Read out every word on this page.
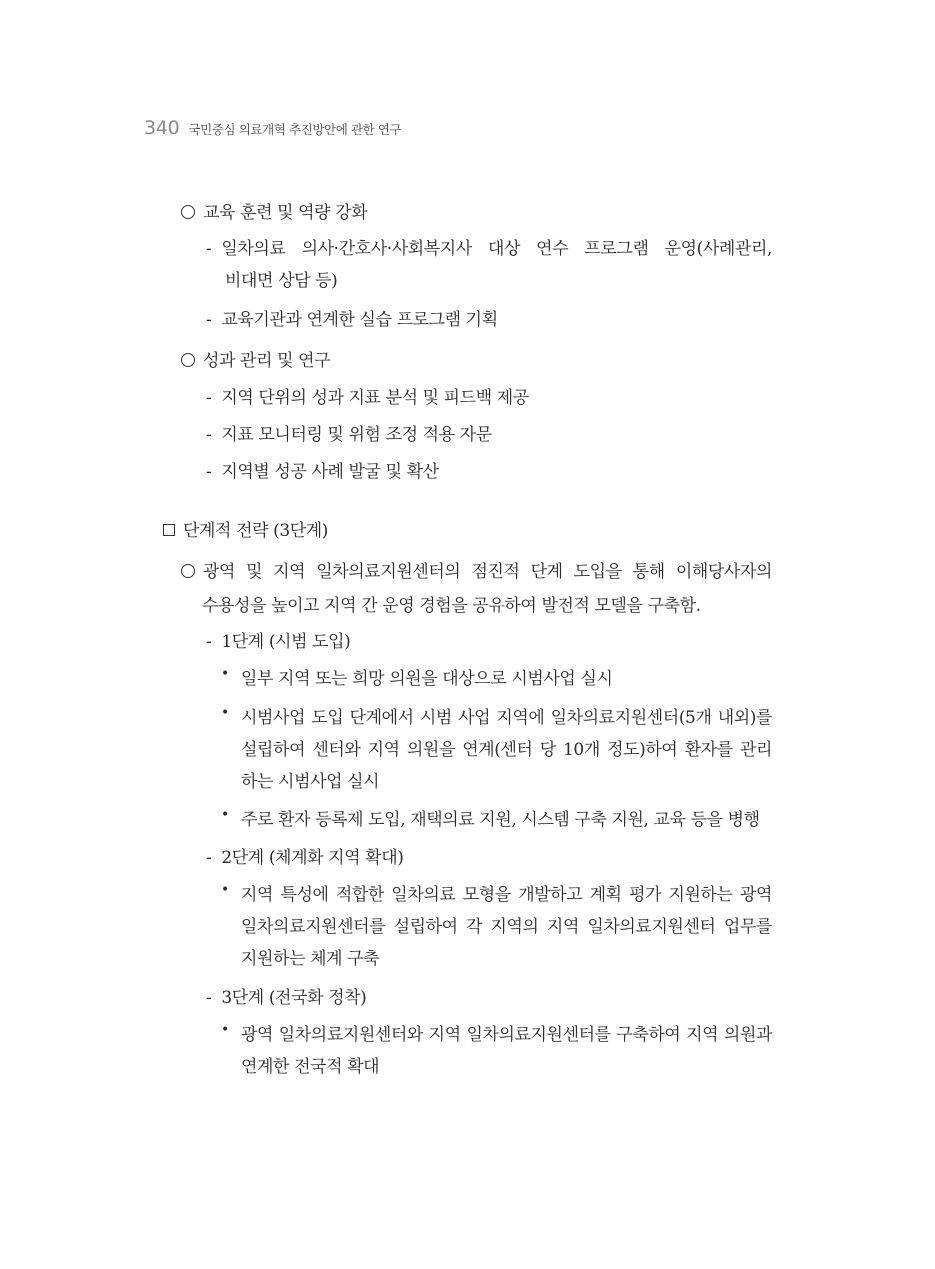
340 국민중심 의료개혁 추진방안에 관한 연구
교육 훈련 및 역량 강화
- 일차의료 의사·간호사·사회복지사 대상 연수 프로그램 운영(사례관리,
비대면 상담 등)
- 교육기관과 연계한 실습 프로그램 기획
성과 관리 및 연구
- 지역 단위의 성과 지표 분석 및 피드백 제공
- 지표 모니터링 및 위험 조정 적용 자문
- 지역별 성공 사례 발굴 및 확산
단계적 전략 (3단계)
광역 및 지역 일차의료지원센터의 점진적 단계 도입을 통해 이해당사자의
수용성을 높이고 지역 간 운영 경험을 공유하여 발전적 모델을 구축함.
- 1단계 (시범 도입)
• 일부 지역 또는 희망 의원을 대상으로 시범사업 실시
• 시범사업 도입 단계에서 시범 사업 지역에 일차의료지원센터(5개 내외)를
설립하여 센터와 지역 의원을 연계(센터 당 10개 정도)하여 환자를 관리
하는 시범사업 실시
• 주로 환자 등록제 도입, 재택의료 지원, 시스템 구축 지원, 교육 등을 병행
- 2단계 (체계화 지역 확대)
• 지역 특성에 적합한 일차의료 모형을 개발하고 계획 평가 지원하는 광역
일차의료지원센터를 설립하여 각 지역의 지역 일차의료지원센터 업무를
지원하는 체계 구축
- 3단계 (전국화 정착)
• 광역 일차의료지원센터와 지역 일차의료지원센터를 구축하여 지역 의원과
연계한 전국적 확대
